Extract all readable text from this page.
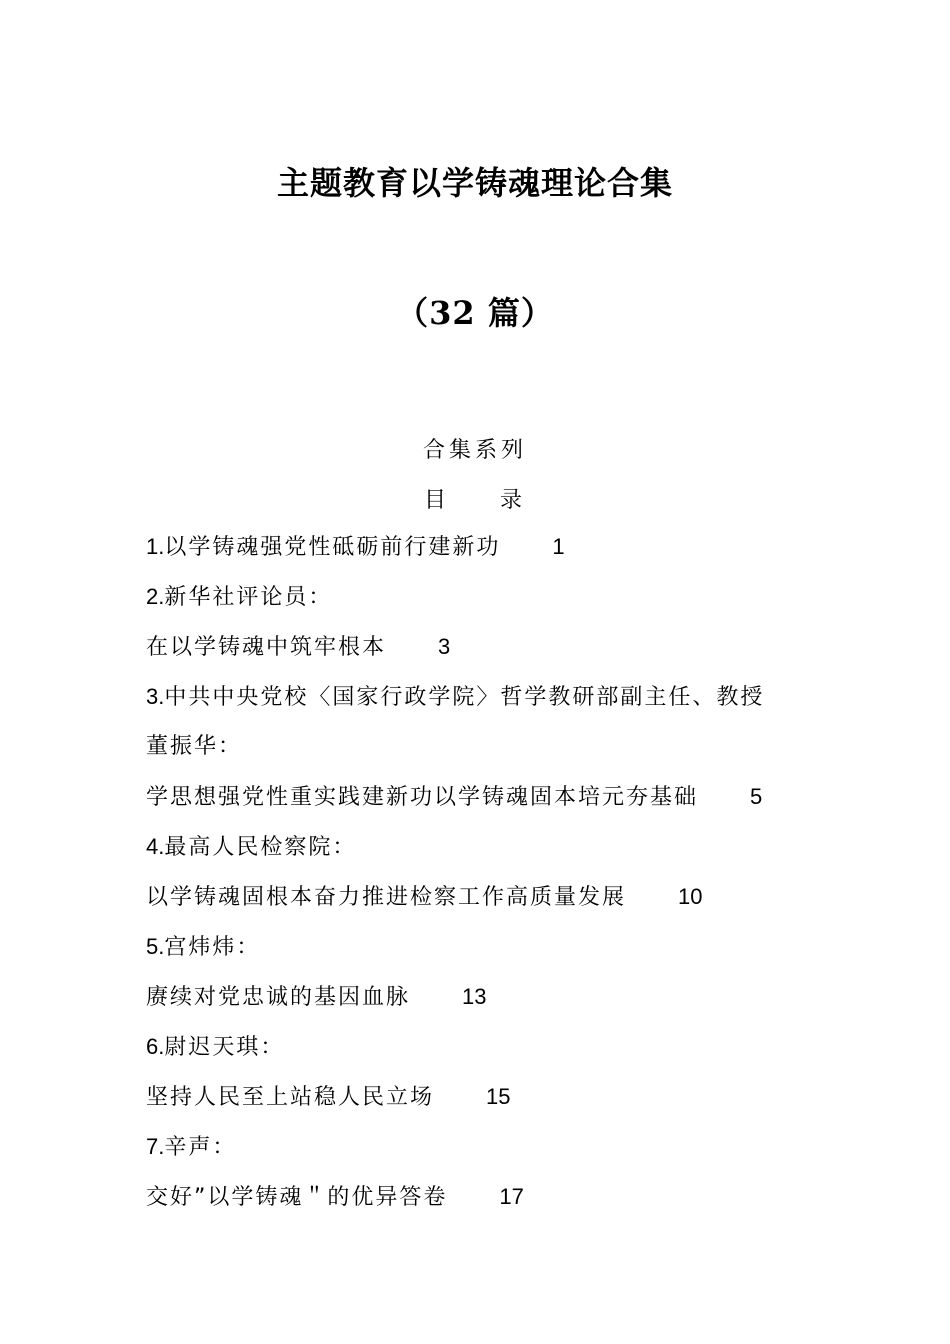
主题教育以学铸魂理论合集
（32 篇）
合集系列
目 录
1.以学铸魂强党性砥砺前行建新功 1
2.新华社评论员：
在以学铸魂中筑牢根本 3
3.中共中央党校〈国家行政学院〉哲学教研部副主任、教授
董振华：
学思想强党性重实践建新功以学铸魂固本培元夯基础 5
4.最高人民检察院：
以学铸魂固根本奋力推进检察工作高质量发展 10
5.宫炜炜：
赓续对党忠诚的基因血脉 13
6.尉迟天琪：
坚持人民至上站稳人民立场 15
7.辛声：
交好”以学铸魂＂的优异答卷 17
